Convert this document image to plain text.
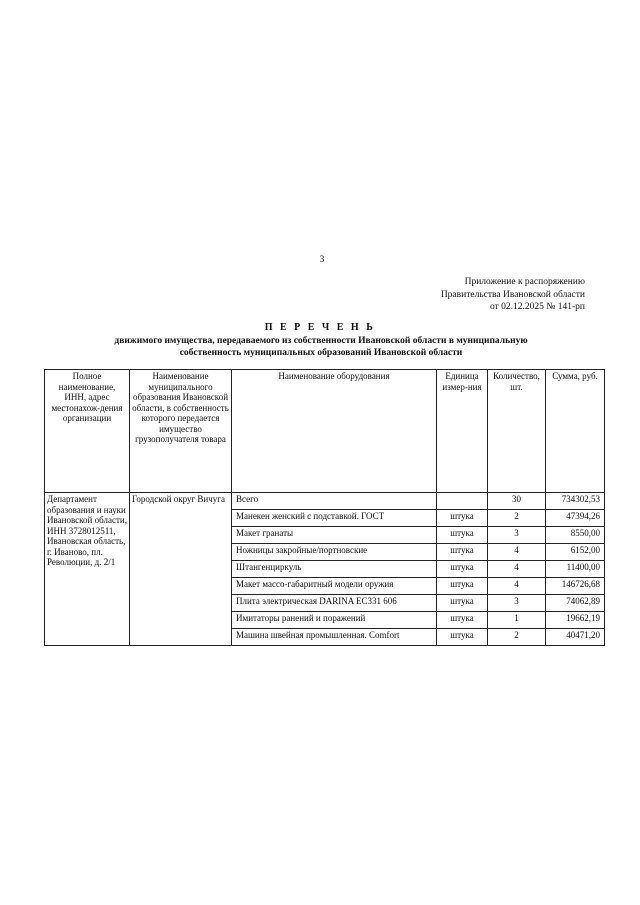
3
Приложение к распоряжению
Правительства Ивановской области
от 02.12.2025 № 141-рп
П Е Р Е Ч Е Н Ь
движимого имущества, передаваемого из собственности Ивановской области в муниципальную собственность муниципальных образований Ивановской области
Полное наименование, ИНН, адрес местонахож-дения организации	Наименование муниципального образования Ивановской области, в собственность которого передается имущество грузополучателя товара	Наименование оборудования	Единица измер-ния	Количество, шт.	Сумма, руб.
Департамент образования и науки Ивановской области, ИНН 3728012511, Ивановская область, г. Иваново, пл. Революции, д. 2/1	Городской округ Вичуга	Всего		30	734302,53
		Манекен женский с подставкой. ГОСТ	штука	2	47394,26
		Макет гранаты	штука	3	8550,00
		Ножницы закройные/портновские	штука	4	6152,00
		Штангенциркуль	штука	4	11400,00
		Макет массо-габаритный модели оружия	штука	4	146726,68
		Плита электрическая DARINA EC331 606	штука	3	74062,89
		Имитаторы ранений и поражений	штука	1	19662,19
		Машина швейная промышленная. Comfort	штука	2	40471,20
